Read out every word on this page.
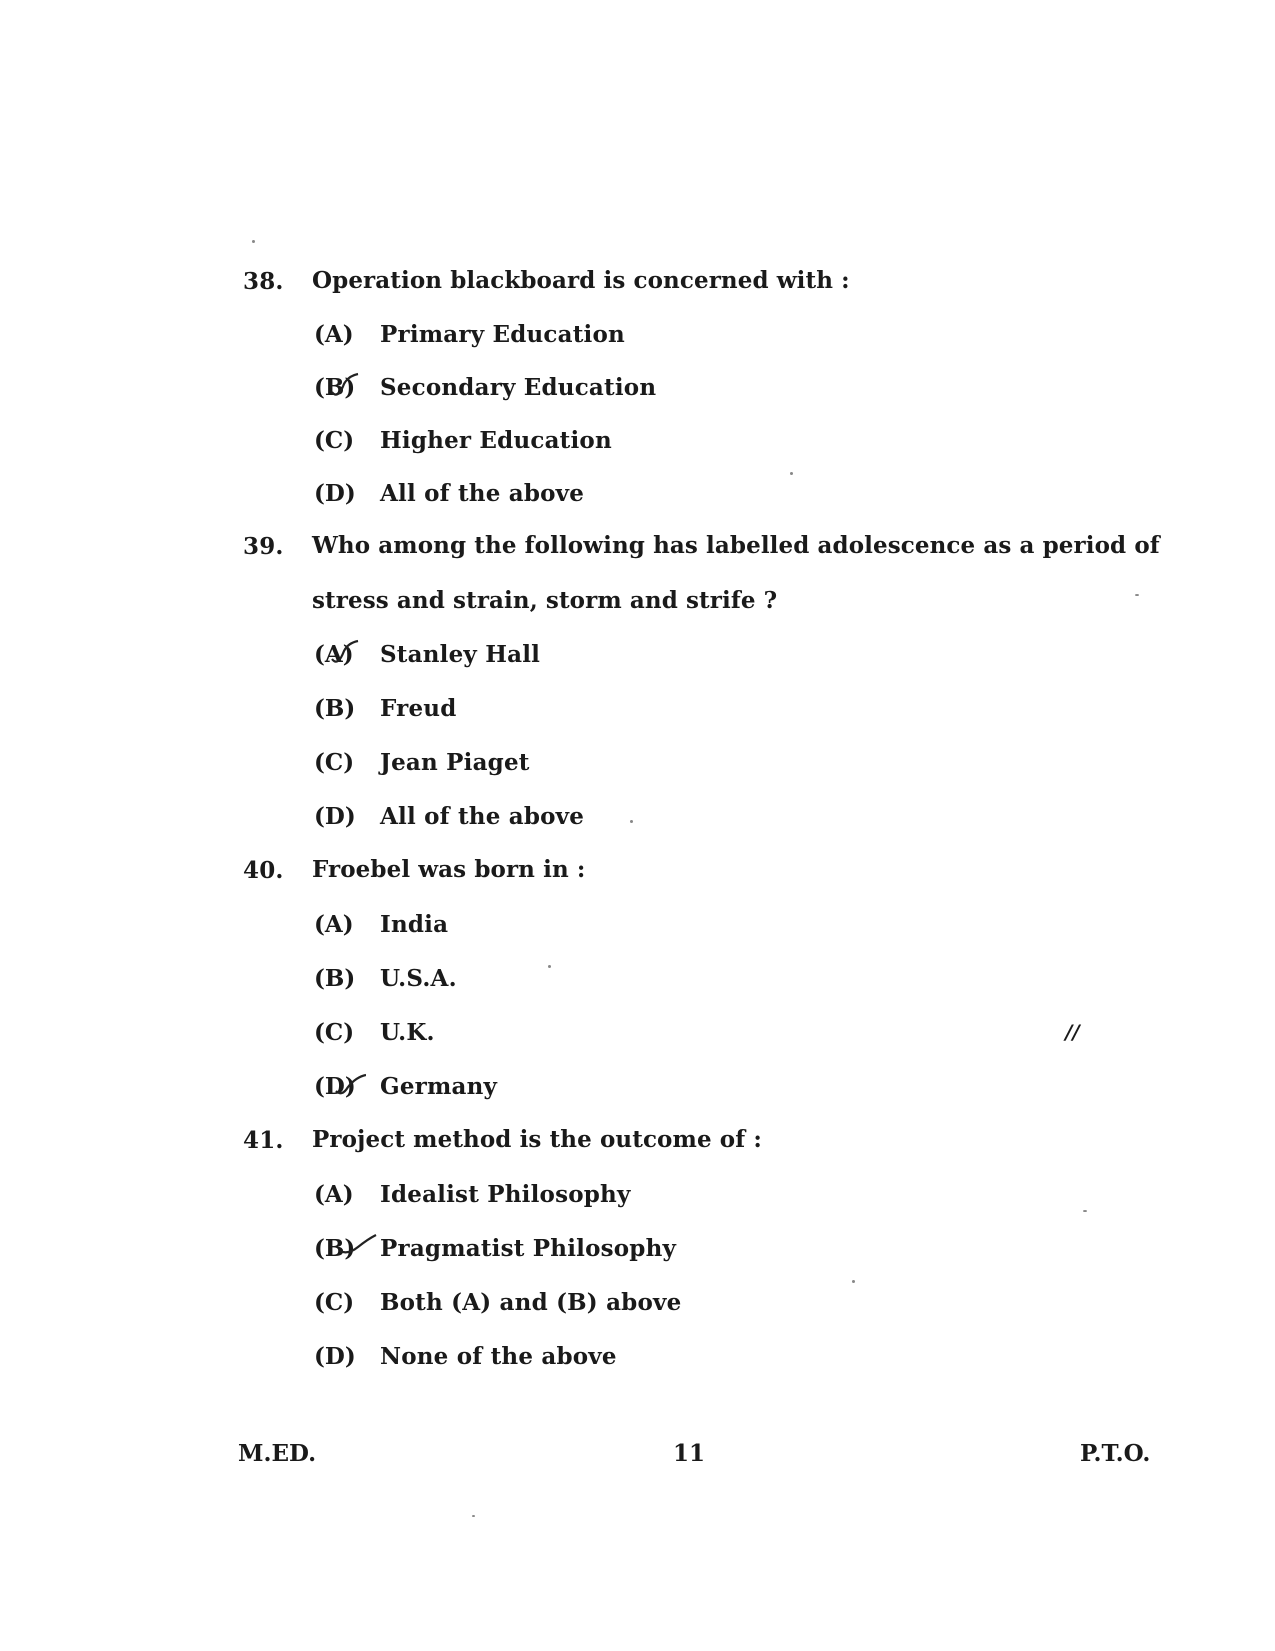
38. Operation blackboard is concerned with :
(A) Primary Education
(B) Secondary Education
(C) Higher Education
(D) All of the above
39. Who among the following has labelled adolescence as a period of stress and strain, storm and strife ?
(A) Stanley Hall
(B) Freud
(C) Jean Piaget
(D) All of the above
40. Froebel was born in :
(A) India
(B) U.S.A.
(C) U.K.
(D) Germany
41. Project method is the outcome of :
(A) Idealist Philosophy
(B) Pragmatist Philosophy
(C) Both (A) and (B) above
(D) None of the above
//
M.ED.	11	P.T.O.
